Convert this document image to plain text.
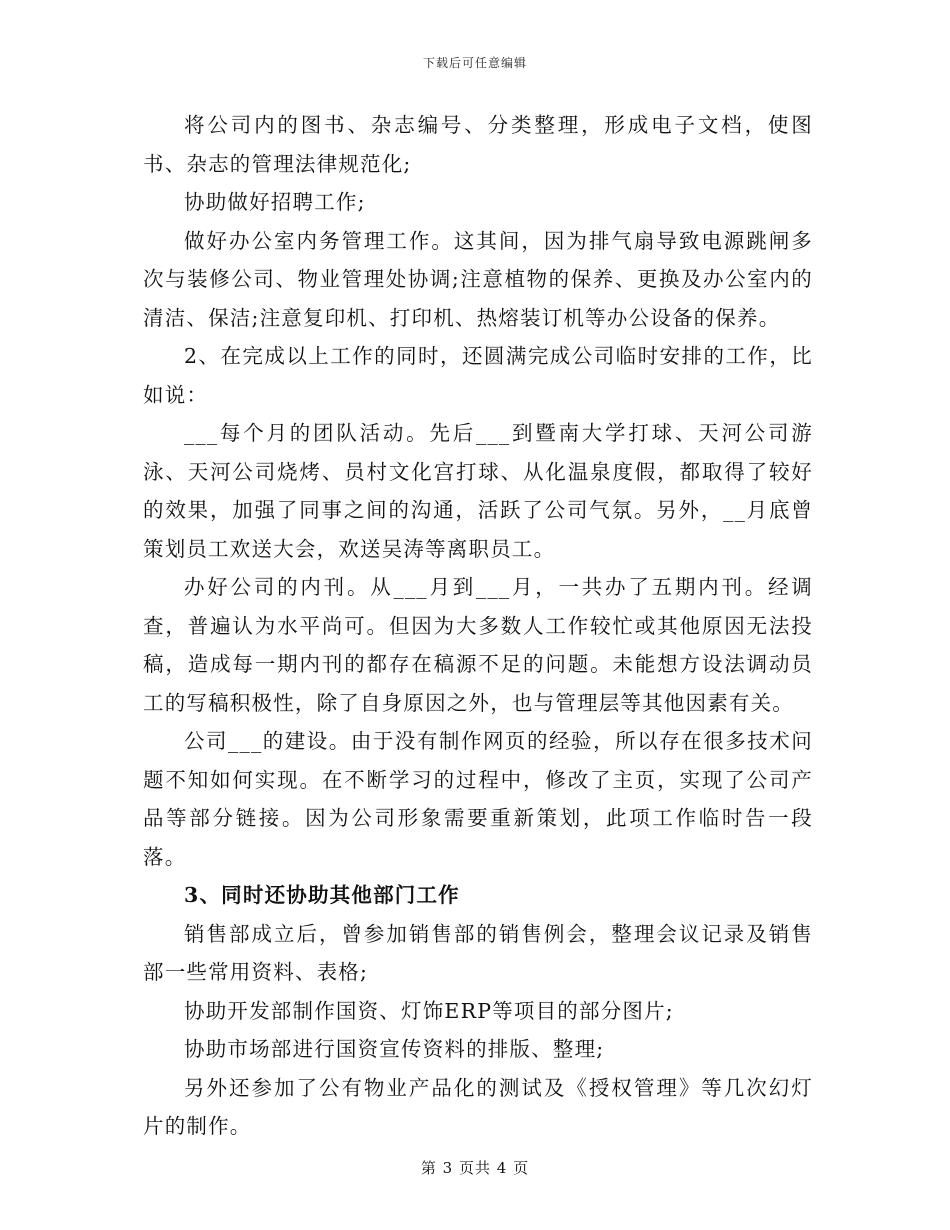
下载后可任意编辑

将公司内的图书、杂志编号、分类整理，形成电子文档，使图书、杂志的管理法律规范化;

协助做好招聘工作;

做好办公室内务管理工作。这其间，因为排气扇导致电源跳闸多次与装修公司、物业管理处协调;注意植物的保养、更换及办公室内的清洁、保洁;注意复印机、打印机、热熔装订机等办公设备的保养。

2、在完成以上工作的同时，还圆满完成公司临时安排的工作，比如说：

___每个月的团队活动。先后___到暨南大学打球、天河公司游泳、天河公司烧烤、员村文化宫打球、从化温泉度假，都取得了较好的效果，加强了同事之间的沟通，活跃了公司气氛。另外，__月底曾策划员工欢送大会，欢送吴涛等离职员工。

办好公司的内刊。从___月到___月，一共办了五期内刊。经调查，普遍认为水平尚可。但因为大多数人工作较忙或其他原因无法投稿，造成每一期内刊的都存在稿源不足的问题。未能想方设法调动员工的写稿积极性，除了自身原因之外，也与管理层等其他因素有关。

公司___的建设。由于没有制作网页的经验，所以存在很多技术问题不知如何实现。在不断学习的过程中，修改了主页，实现了公司产品等部分链接。因为公司形象需要重新策划，此项工作临时告一段落。

3、同时还协助其他部门工作

销售部成立后，曾参加销售部的销售例会，整理会议记录及销售部一些常用资料、表格;

协助开发部制作国资、灯饰ERP等项目的部分图片;

协助市场部进行国资宣传资料的排版、整理;

另外还参加了公有物业产品化的测试及《授权管理》等几次幻灯片的制作。

第 3 页共 4 页
